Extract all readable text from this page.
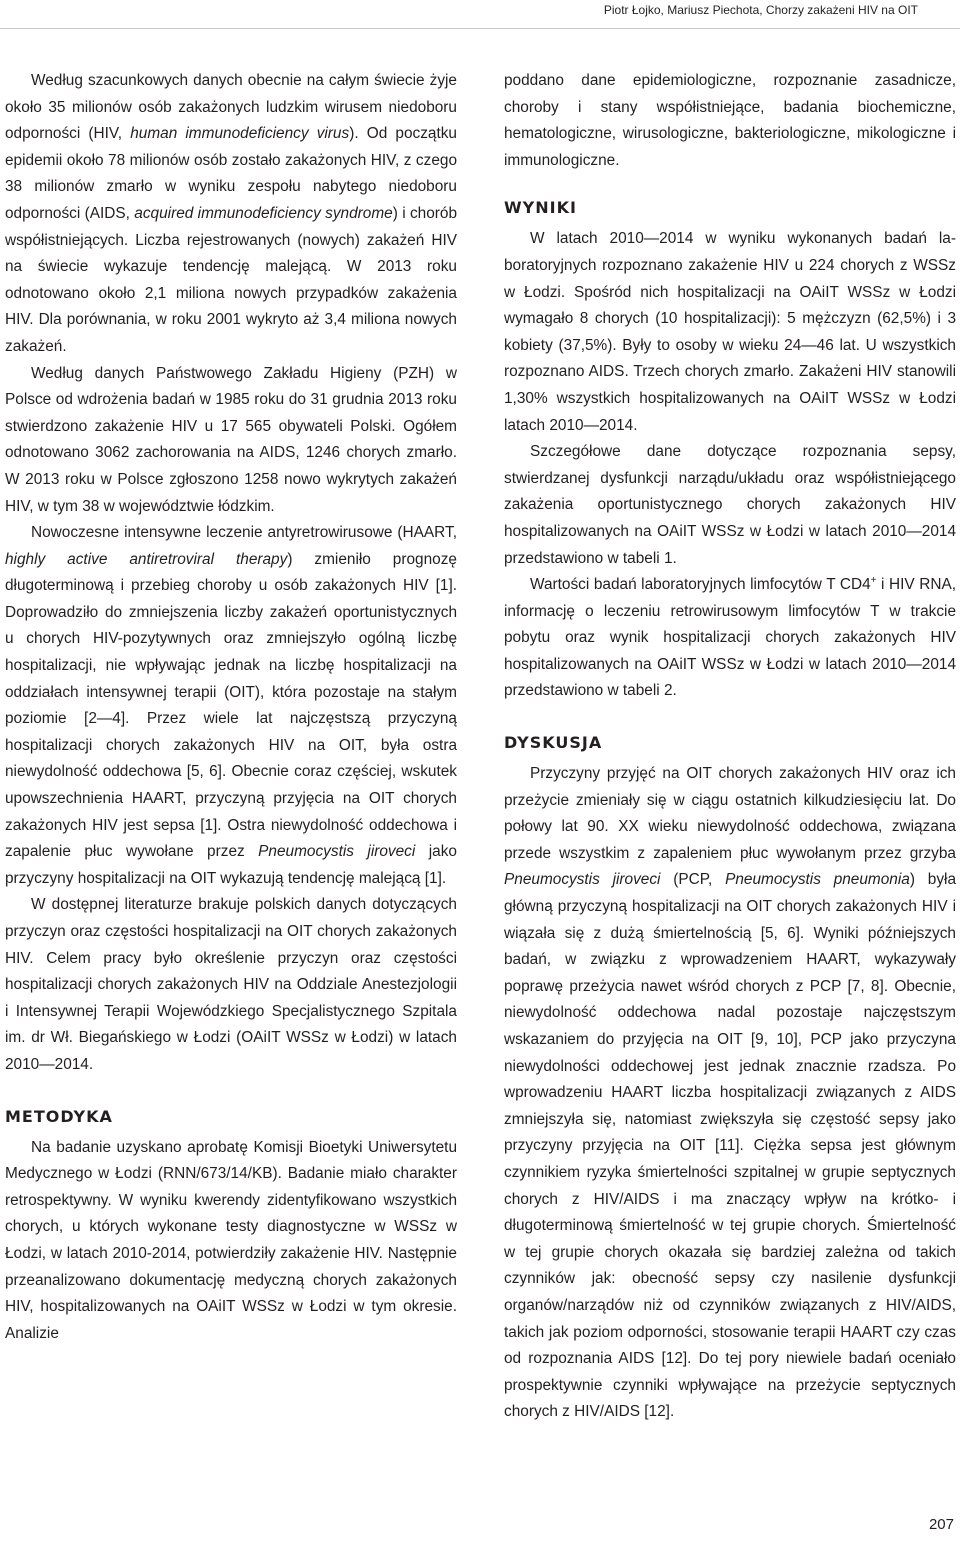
Piotr Łojko, Mariusz Piechota, Chorzy zakażeni HIV na OIT

Według szacunkowych danych obecnie na całym świecie żyje około 35 milionów osób zakażonych ludzkim wirusem niedoboru odporności (HIV, human immunodeficiency virus). Od początku epidemii około 78 milionów osób zostało zakażonych HIV, z czego 38 milionów zmarło w wyniku zespołu nabytego niedoboru odporności (AIDS, acquired immunodeficiency syndrome) i chorób współistniejących. Liczba rejestrowanych (nowych) zakażeń HIV na świecie wykazuje tendencję malejącą. W 2013 roku odnotowano około 2,1 miliona nowych przypadków zakażenia HIV. Dla porównania, w roku 2001 wykryto aż 3,4 miliona nowych zakażeń.

Według danych Państwowego Zakładu Higieny (PZH) w Polsce od wdrożenia badań w 1985 roku do 31 grudnia 2013 roku stwierdzono zakażenie HIV u 17 565 obywateli Polski. Ogółem odnotowano 3062 zachorowania na AIDS, 1246 chorych zmarło. W 2013 roku w Polsce zgłoszono 1258 nowo wykrytych zakażeń HIV, w tym 38 w województwie łódzkim.

Nowoczesne intensywne leczenie antyretrowirusowe (HAART, highly active antiretroviral therapy) zmieniło prognozę długoterminową i przebieg choroby u osób zakażonych HIV [1]. Doprowadziło do zmniejszenia liczby zakażeń oportunistycznych u chorych HIV-pozytywnych oraz zmniejszyło ogólną liczbę hospitalizacji, nie wpływając jednak na liczbę hospitalizacji na oddziałach intensywnej terapii (OIT), która pozostaje na stałym poziomie [2—4]. Przez wiele lat najczęstszą przyczyną hospitalizacji chorych zakażonych HIV na OIT, była ostra niewydolność oddechowa [5, 6]. Obecnie coraz częściej, wskutek upowszechnienia HAART, przyczyną przyjęcia na OIT chorych zakażonych HIV jest sepsa [1]. Ostra niewydolność oddechowa i zapalenie płuc wywołane przez Pneumocystis jiroveci jako przyczyny hospitalizacji na OIT wykazują tendencję malejącą [1].

W dostępnej literaturze brakuje polskich danych dotyczących przyczyn oraz częstości hospitalizacji na OIT chorych zakażonych HIV. Celem pracy było określenie przyczyn oraz częstości hospitalizacji chorych zakażonych HIV na Oddziale Anestezjologii i Intensywnej Terapii Wojewódzkiego Specjalistycznego Szpitala im. dr Wł. Biegańskiego w Łodzi (OAiIT WSSz w Łodzi) w latach 2010—2014.

METODYKA

Na badanie uzyskano aprobatę Komisji Bioetyki Uniwersytetu Medycznego w Łodzi (RNN/673/14/KB). Badanie miało charakter retrospektywny. W wyniku kwerendy zidentyfikowano wszystkich chorych, u których wykonane testy diagnostyczne w WSSz w Łodzi, w latach 2010-2014, potwierdziły zakażenie HIV. Następnie przeanalizowano dokumentację medyczną chorych zakażonych HIV, hospitalizowanych na OAiIT WSSz w Łodzi w tym okresie. Analizie

poddano dane epidemiologiczne, rozpoznanie zasadnicze, choroby i stany współistniejące, badania biochemiczne, hematologiczne, wirusologiczne, bakteriologiczne, mikologiczne i immunologiczne.

WYNIKI

W latach 2010—2014 w wyniku wykonanych badań laboratoryjnych rozpoznano zakażenie HIV u 224 chorych z WSSz w Łodzi. Spośród nich hospitalizacji na OAiIT WSSz w Łodzi wymagało 8 chorych (10 hospitalizacji): 5 mężczyzn (62,5%) i 3 kobiety (37,5%). Były to osoby w wieku 24—46 lat. U wszystkich rozpoznano AIDS. Trzech chorych zmarło. Zakażeni HIV stanowili 1,30% wszystkich hospitalizowanych na OAiIT WSSz w Łodzi latach 2010—2014.

Szczegółowe dane dotyczące rozpoznania sepsy, stwierdzanej dysfunkcji narządu/układu oraz współistniejącego zakażenia oportunistycznego chorych zakażonych HIV hospitalizowanych na OAiIT WSSz w Łodzi w latach 2010—2014 przedstawiono w tabeli 1.

Wartości badań laboratoryjnych limfocytów T CD4+ i HIV RNA, informację o leczeniu retrowirusowym limfocytów T w trakcie pobytu oraz wynik hospitalizacji chorych zakażonych HIV hospitalizowanych na OAiIT WSSz w Łodzi w latach 2010—2014 przedstawiono w tabeli 2.

DYSKUSJA

Przyczyny przyjęć na OIT chorych zakażonych HIV oraz ich przeżycie zmieniały się w ciągu ostatnich kilkudziesięciu lat. Do połowy lat 90. XX wieku niewydolność oddechowa, związana przede wszystkim z zapaleniem płuc wywołanym przez grzyba Pneumocystis jiroveci (PCP, Pneumocystis pneumonia) była główną przyczyną hospitalizacji na OIT chorych zakażonych HIV i wiązała się z dużą śmiertelnością [5, 6]. Wyniki późniejszych badań, w związku z wprowadzeniem HAART, wykazywały poprawę przeżycia nawet wśród chorych z PCP [7, 8]. Obecnie, niewydolność oddechowa nadal pozostaje najczęstszym wskazaniem do przyjęcia na OIT [9, 10], PCP jako przyczyna niewydolności oddechowej jest jednak znacznie rzadsza. Po wprowadzeniu HAART liczba hospitalizacji związanych z AIDS zmniejszyła się, natomiast zwiększyła się częstość sepsy jako przyczyny przyjęcia na OIT [11]. Ciężka sepsa jest głównym czynnikiem ryzyka śmiertelności szpitalnej w grupie septycznych chorych z HIV/AIDS i ma znaczący wpływ na krótko- i długoterminową śmiertelność w tej grupie chorych. Śmiertelność w tej grupie chorych okazała się bardziej zależna od takich czynników jak: obecność sepsy czy nasilenie dysfunkcji organów/narządów niż od czynników związanych z HIV/AIDS, takich jak poziom odporności, stosowanie terapii HAART czy czas od rozpoznania AIDS [12]. Do tej pory niewiele badań oceniało prospektywnie czynniki wpływające na przeżycie septycznych chorych z HIV/AIDS [12].

207
